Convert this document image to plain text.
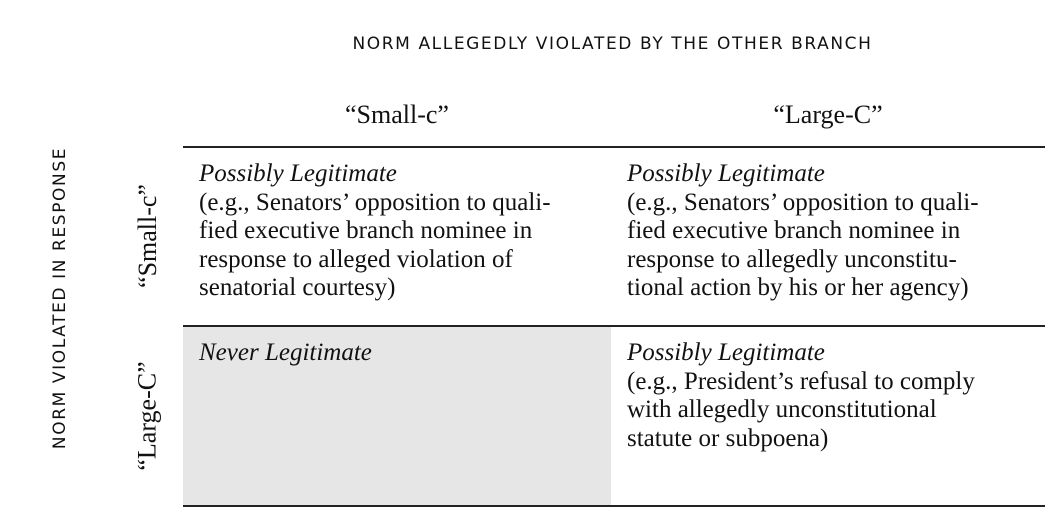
NORM ALLEGEDLY VIOLATED BY THE OTHER BRANCH
NORM VIOLATED IN RESPONSE
“Small-c”	“Large-C”
“Small-c”
“Large-C”
Possibly Legitimate
(e.g., Senators’ opposition to quali-
fied executive branch nominee in
response to alleged violation of
senatorial courtesy)
Possibly Legitimate
(e.g., Senators’ opposition to quali-
fied executive branch nominee in
response to allegedly unconstitu-
tional action by his or her agency)
Never Legitimate	Possibly Legitimate
(e.g., President’s refusal to comply
with allegedly unconstitutional
statute or subpoena)
